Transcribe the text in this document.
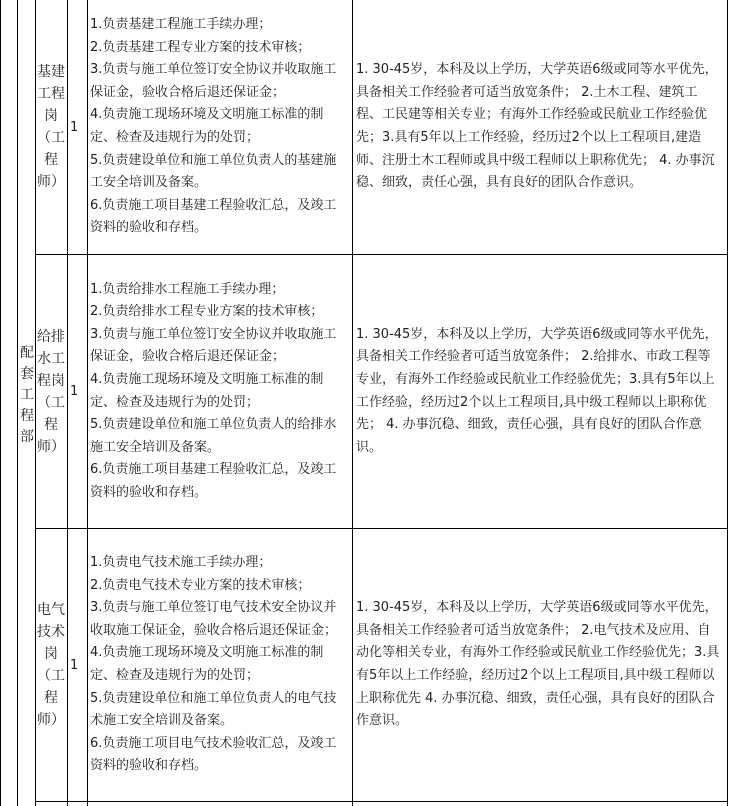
配套工程部
基建工程岗（工程师）
1
1.负责基建工程施工手续办理；
2.负责基建工程专业方案的技术审核；
3.负责与施工单位签订安全协议并收取施工保证金，验收合格后退还保证金；
4.负责施工现场环境及文明施工标准的制定、检查及违规行为的处罚；
5.负责建设单位和施工单位负责人的基建施工安全培训及备案。
6.负责施工项目基建工程验收汇总，及竣工资料的验收和存档。
1. 30-45岁，本科及以上学历，大学英语6级或同等水平优先，具备相关工作经验者可适当放宽条件； 2.土木工程、建筑工程、工民建等相关专业；有海外工作经验或民航业工作经验优先；3.具有5年以上工作经验，经历过2个以上工程项目,建造师、注册土木工程师或具中级工程师以上职称优先； 4. 办事沉稳、细致，责任心强，具有良好的团队合作意识。
给排水工程岗（工程师）
1
1.负责给排水工程施工手续办理；
2.负责给排水工程专业方案的技术审核；
3.负责与施工单位签订安全协议并收取施工保证金，验收合格后退还保证金；
4.负责施工现场环境及文明施工标准的制定、检查及违规行为的处罚；
5.负责建设单位和施工单位负责人的给排水施工安全培训及备案。
6.负责施工项目基建工程验收汇总，及竣工资料的验收和存档。
1. 30-45岁，本科及以上学历，大学英语6级或同等水平优先，具备相关工作经验者可适当放宽条件； 2.给排水、市政工程等专业，有海外工作经验或民航业工作经验优先；3.具有5年以上工作经验，经历过2个以上工程项目,具中级工程师以上职称优先； 4. 办事沉稳、细致，责任心强，具有良好的团队合作意识。
电气技术岗（工程师）
1
1.负责电气技术施工手续办理；
2.负责电气技术专业方案的技术审核；
3.负责与施工单位签订电气技术安全协议并收取施工保证金，验收合格后退还保证金；
4.负责施工现场环境及文明施工标准的制定、检查及违规行为的处罚；
5.负责建设单位和施工单位负责人的电气技术施工安全培训及备案。
6.负责施工项目电气技术验收汇总，及竣工资料的验收和存档。
1. 30-45岁，本科及以上学历，大学英语6级或同等水平优先，具备相关工作经验者可适当放宽条件； 2.电气技术及应用、自动化等相关专业，有海外工作经验或民航业工作经验优先；3.具有5年以上工作经验，经历过2个以上工程项目,具中级工程师以上职称优先 4. 办事沉稳、细致，责任心强，具有良好的团队合作意识。
